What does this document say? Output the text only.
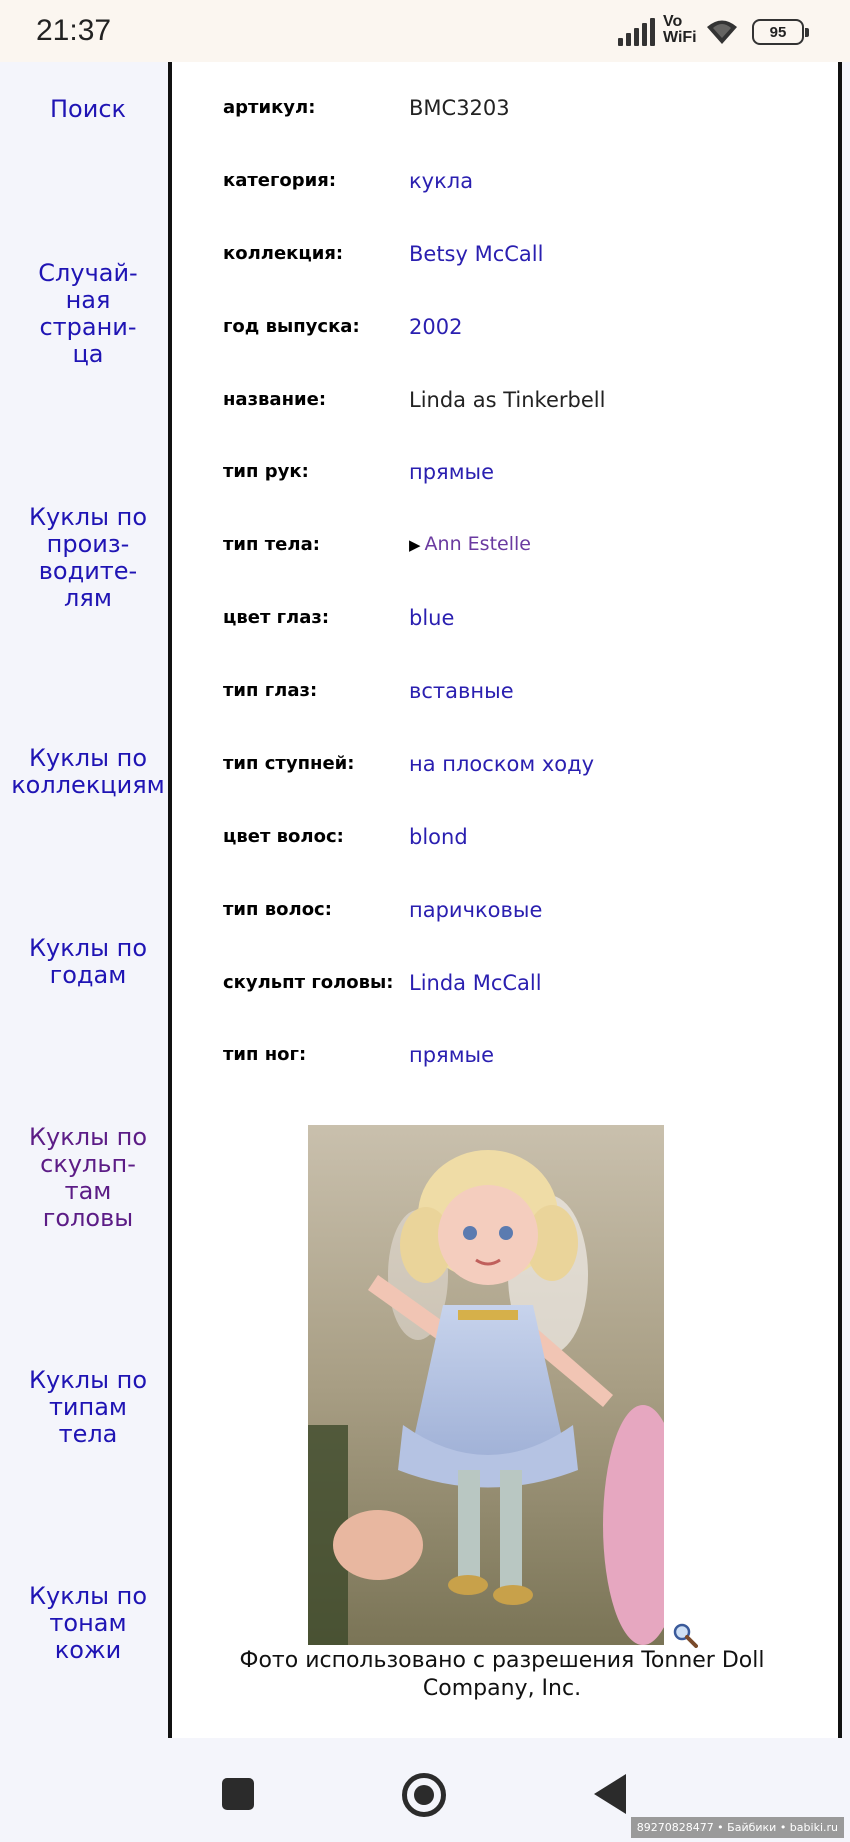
21:37	Vo
WiFi	95
Поиск
Случай-
ная
страни-
ца
Куклы по
произ-
водите-
лям
Куклы по
коллекциям
Куклы по
годам
Куклы по
скульп-
там
головы
Куклы по
типам
тела
Куклы по
тонам
кожи
артикул:	BMC3203
категория:	кукла
коллекция:	Betsy McCall
год выпуска: 2002
название:	Linda as Tinkerbell
тип рук:	прямые
тип тела:	▶ Ann Estelle
цвет глаз:	blue
тип глаз:	вставные
тип ступней:	на плоском ходу
цвет волос:	blond
тип волос:	паричковые
скульпт головы: Linda McCall
тип ног:	прямые
Фото использовано с разрешения Tonner Doll Company, Inc.
89270828477 • Байбики • babiki.ru
